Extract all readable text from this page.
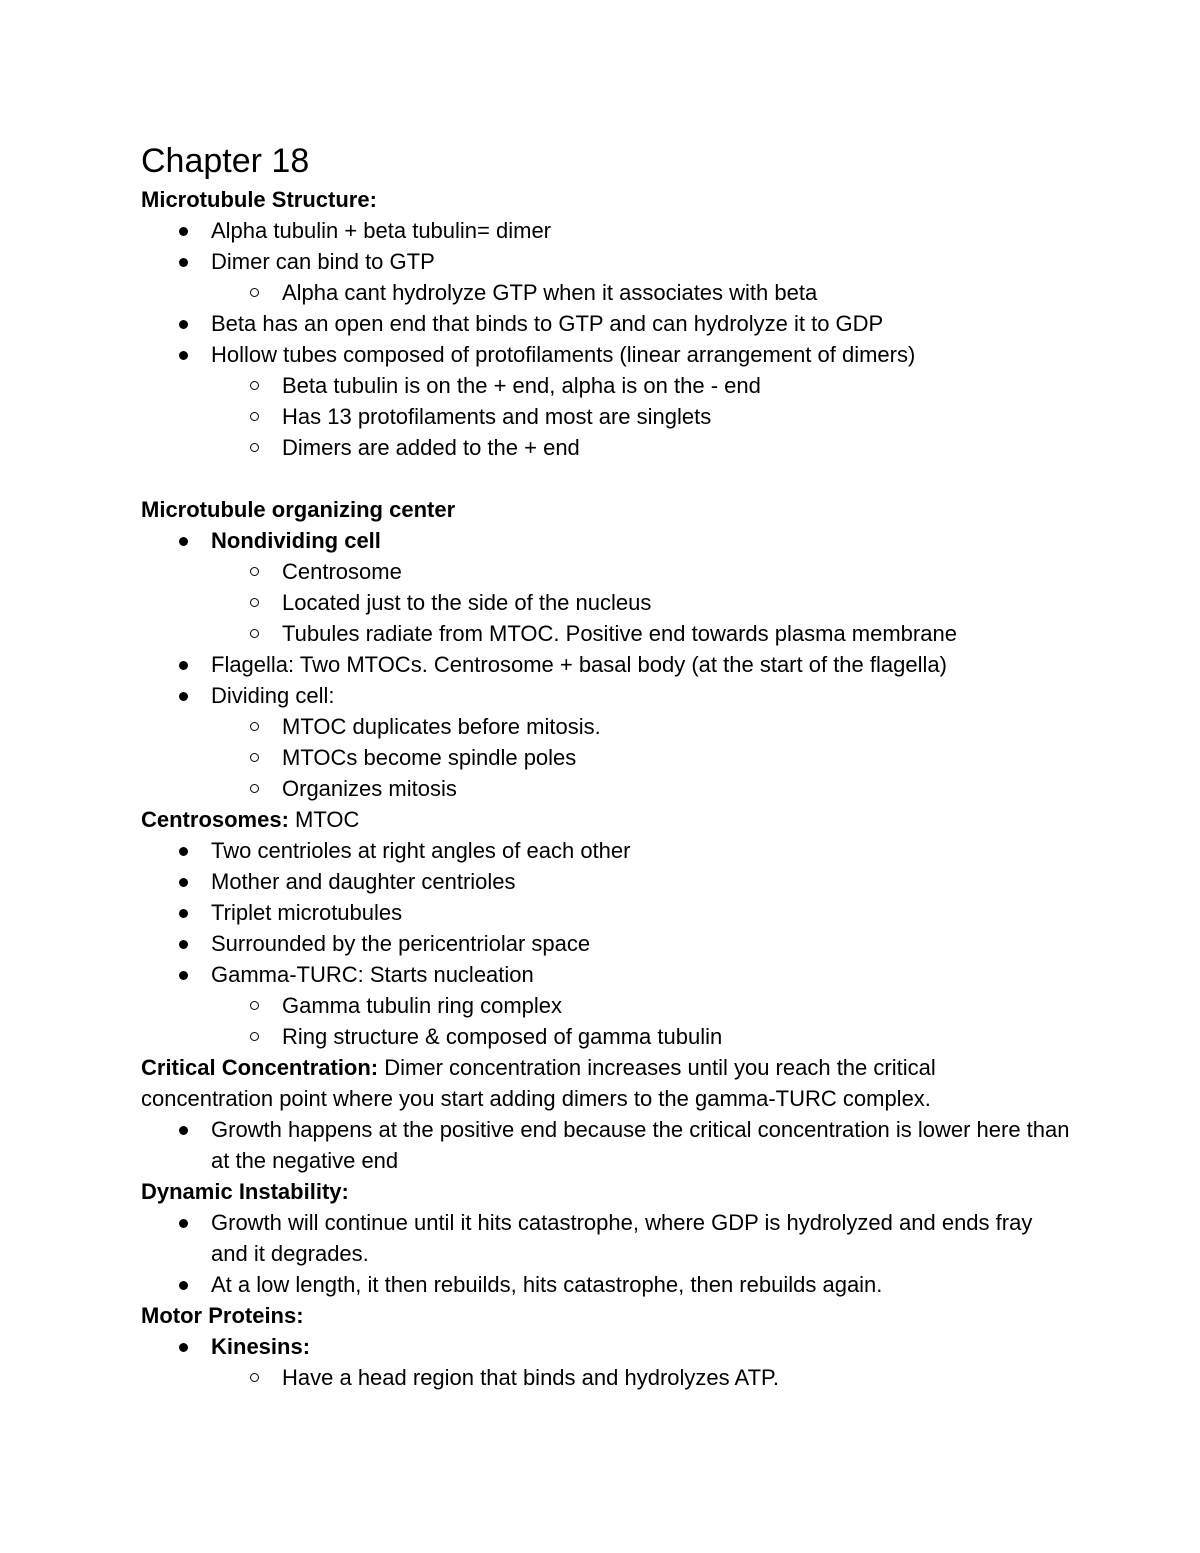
Chapter 18
Microtubule Structure:
Alpha tubulin + beta tubulin= dimer
Dimer can bind to GTP
Alpha cant hydrolyze GTP when it associates with beta
Beta has an open end that binds to GTP and can hydrolyze it to GDP
Hollow tubes composed of protofilaments (linear arrangement of dimers)
Beta tubulin is on the + end, alpha is on the - end
Has 13 protofilaments and most are singlets
Dimers are added to the + end
Microtubule organizing center
Nondividing cell
Centrosome
Located just to the side of the nucleus
Tubules radiate from MTOC. Positive end towards plasma membrane
Flagella: Two MTOCs. Centrosome + basal body (at the start of the flagella)
Dividing cell:
MTOC duplicates before mitosis.
MTOCs become spindle poles
Organizes mitosis
Centrosomes: MTOC
Two centrioles at right angles of each other
Mother and daughter centrioles
Triplet microtubules
Surrounded by the pericentriolar space
Gamma-TURC: Starts nucleation
Gamma tubulin ring complex
Ring structure & composed of gamma tubulin
Critical Concentration: Dimer concentration increases until you reach the critical concentration point where you start adding dimers to the gamma-TURC complex.
Growth happens at the positive end because the critical concentration is lower here than at the negative end
Dynamic Instability:
Growth will continue until it hits catastrophe, where GDP is hydrolyzed and ends fray and it degrades.
At a low length, it then rebuilds, hits catastrophe, then rebuilds again.
Motor Proteins:
Kinesins:
Have a head region that binds and hydrolyzes ATP.
